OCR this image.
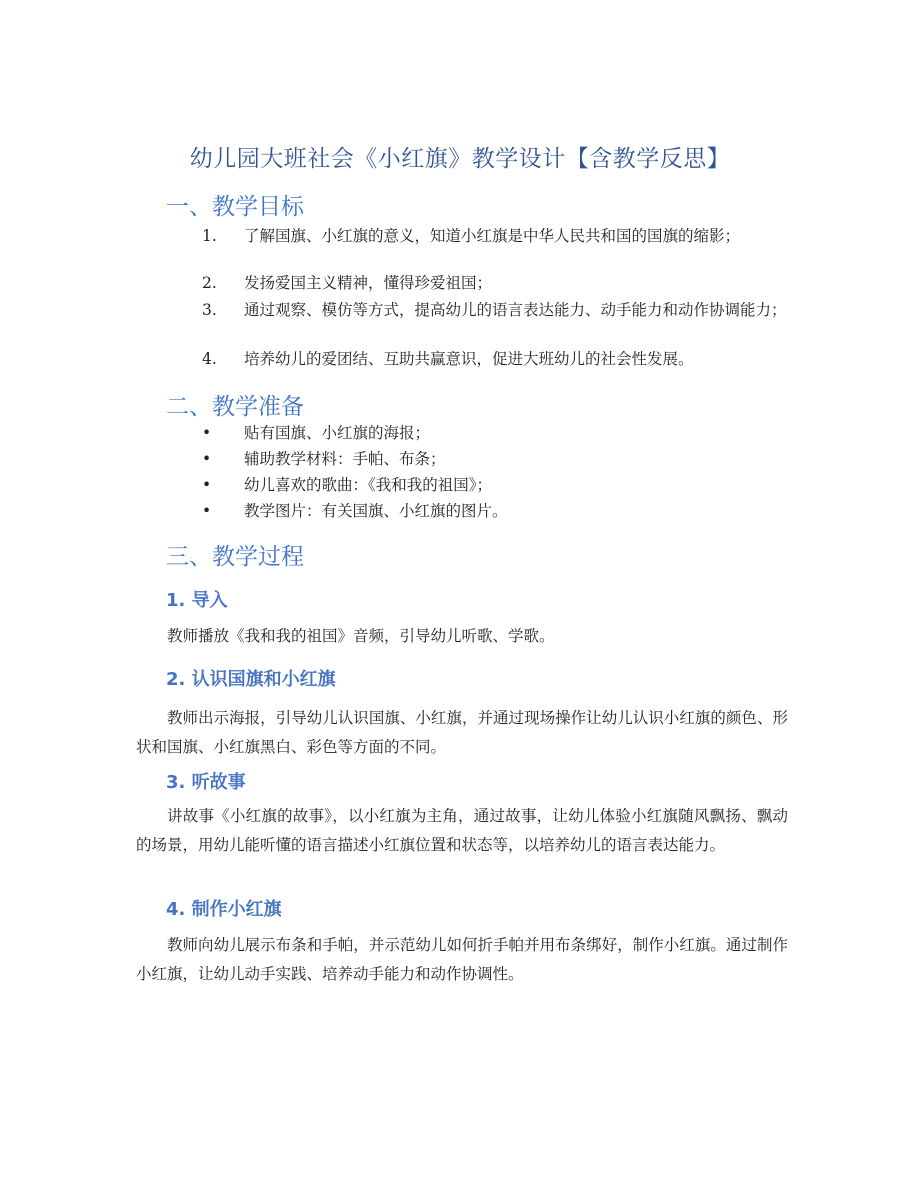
幼儿园大班社会《小红旗》教学设计【含教学反思】
一、教学目标
1.	了解国旗、小红旗的意义，知道小红旗是中华人民共和国的国旗的缩影；
2.	发扬爱国主义精神，懂得珍爱祖国；
3.	通过观察、模仿等方式，提高幼儿的语言表达能力、动手能力和动作协调能力；
4.	培养幼儿的爱团结、互助共赢意识，促进大班幼儿的社会性发展。
二、教学准备
•	贴有国旗、小红旗的海报；
•	辅助教学材料：手帕、布条；
•	幼儿喜欢的歌曲：《我和我的祖国》；
•	教学图片：有关国旗、小红旗的图片。
三、教学过程
1. 导入
教师播放《我和我的祖国》音频，引导幼儿听歌、学歌。
2. 认识国旗和小红旗
教师出示海报，引导幼儿认识国旗、小红旗，并通过现场操作让幼儿认识小红旗的颜色、形状和国旗、小红旗黑白、彩色等方面的不同。
3. 听故事
讲故事《小红旗的故事》，以小红旗为主角，通过故事，让幼儿体验小红旗随风飘扬、飘动的场景，用幼儿能听懂的语言描述小红旗位置和状态等，以培养幼儿的语言表达能力。
4. 制作小红旗
教师向幼儿展示布条和手帕，并示范幼儿如何折手帕并用布条绑好，制作小红旗。通过制作小红旗，让幼儿动手实践、培养动手能力和动作协调性。
